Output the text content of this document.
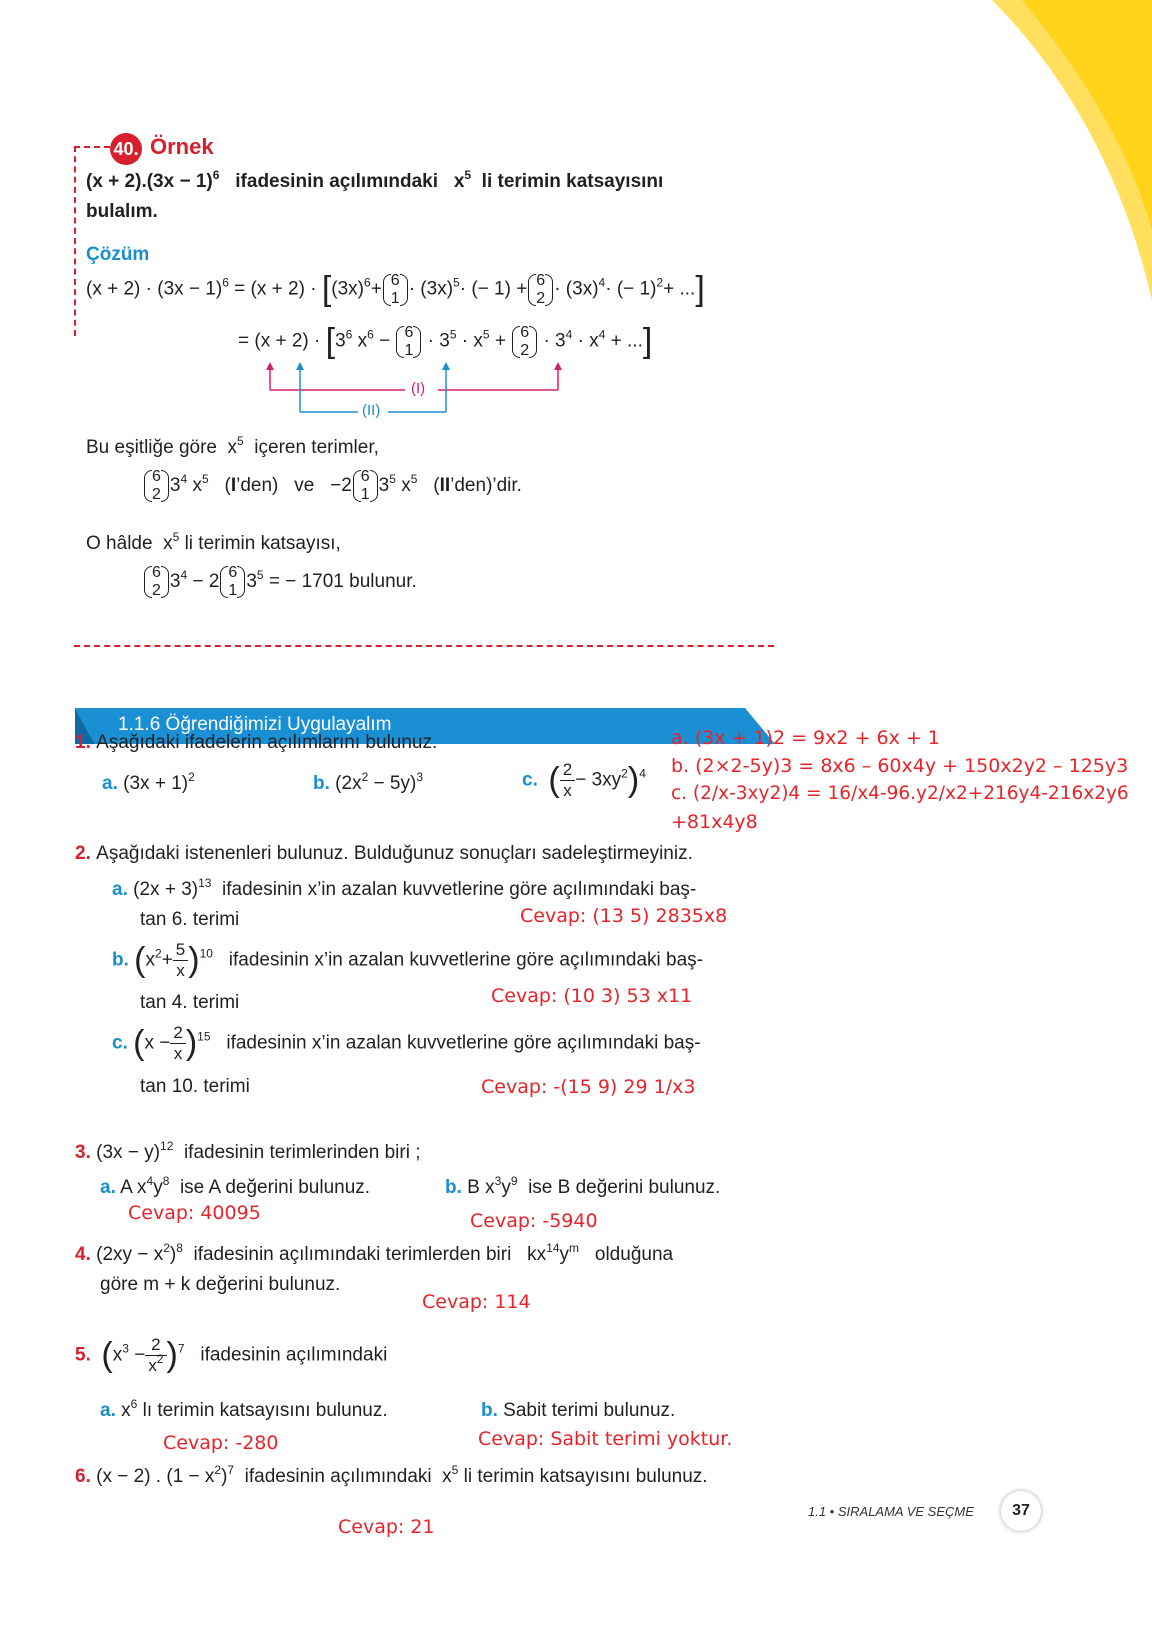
40. Örnek
$(x + 2).(3x - 1)^6$ ifadesinin açılımındaki $x^5$ li terimin katsayısını
bulalım.
Çözüm
$(x + 2) \cdot (3x - 1)^6 = (x + 2) \cdot [(3x)^6+ 6$
$1 \cdot (3x)^5\cdot$ (− 1) + 6
$2 \cdot (3x)^4\cdot$ (− 1)$^2$+ ...]
= $(x + 2) \cdot [3^6$ $x^6 - 6$
$1 \cdot 3^5 \cdot x^5 + 6$
$2 \cdot 3^4 \cdot x^4$ + ...]
(I)
(II)
Bu eşitliğe göre  $x^5$ içeren terimler,
6
2 $3^4$ $x^5$   (I’den) ve   −2 6
1 $3^5$ $x^5$   (II’den)’dir.
O hâlde  $x^5$ li terimin katsayısı,
6
2 $3^4 - 2$ 6
1 $3^5$ = − 1701 bulunur.
1.1.6 Öğrendiğimizi Uygulayalım
1. Aşağıdaki ifadelerin açılımlarını bulunuz.
a. $(3x + 1)^2$	b. $(2x^2 - 5y)^3$	c. ( $\frac{2}{x} - 3xy^2)^4$
a. (3x + 1)2 = 9x2 + 6x + 1
b. (2×2-5y)3 = 8x6 – 60x4y + 150x2y2 – 125y3
c. (2/x-3xy2)4 = 16/x4-96.y2/x2+216y4-216x2y6
+81x4y8
2. Aşağıdaki istenenleri bulunuz. Bulduğunuz sonuçları sadeleştirmeyiniz.
a. $(2x + 3)^{13}$ ifadesinin x’in azalan kuvvetlerine göre açılımındaki baş-
tan 6. terimi	Cevap: (13 5) 2835x8
b. $(x^2+ \frac{5}{x} )^{10}$ ifadesinin x’in azalan kuvvetlerine göre açılımındaki baş-
tan 4. terimi	Cevap: (10 3) 53 x11
c. $(x - \frac{2}{x} )^{15}$ ifadesinin x’in azalan kuvvetlerine göre açılımındaki baş-
tan 10. terimi	Cevap: -(15 9) 29 1/x3
3. $(3x - y)^{12}$ ifadesinin terimlerinden biri ;
a. A $x^4y^8$ ise A değerini bulunuz.	b. B $x^3y^9$ ise B değerini bulunuz.
Cevap: 40095	Cevap: -5940
4. $(2xy - x^2)^8$ ifadesinin açılımındaki terimlerden biri   $kx^{14}y^m$ olduğuna
göre m + k değerini bulunuz.
Cevap: 114
5. $(x^3 - \frac{2}{x^2} )^7$ ifadesinin açılımındaki
a. $x^6$ lı terimin katsayısını bulunuz.	b. Sabit terimi bulunuz.
Cevap: -280	Cevap: Sabit terimi yoktur.
6. (x − 2) . $(1 - x^2)^7$ ifadesinin açılımındaki  $x^5$ li terimin katsayısını bulunuz.
Cevap: 21
1.1 • SIRALAMA VE SEÇME	37
